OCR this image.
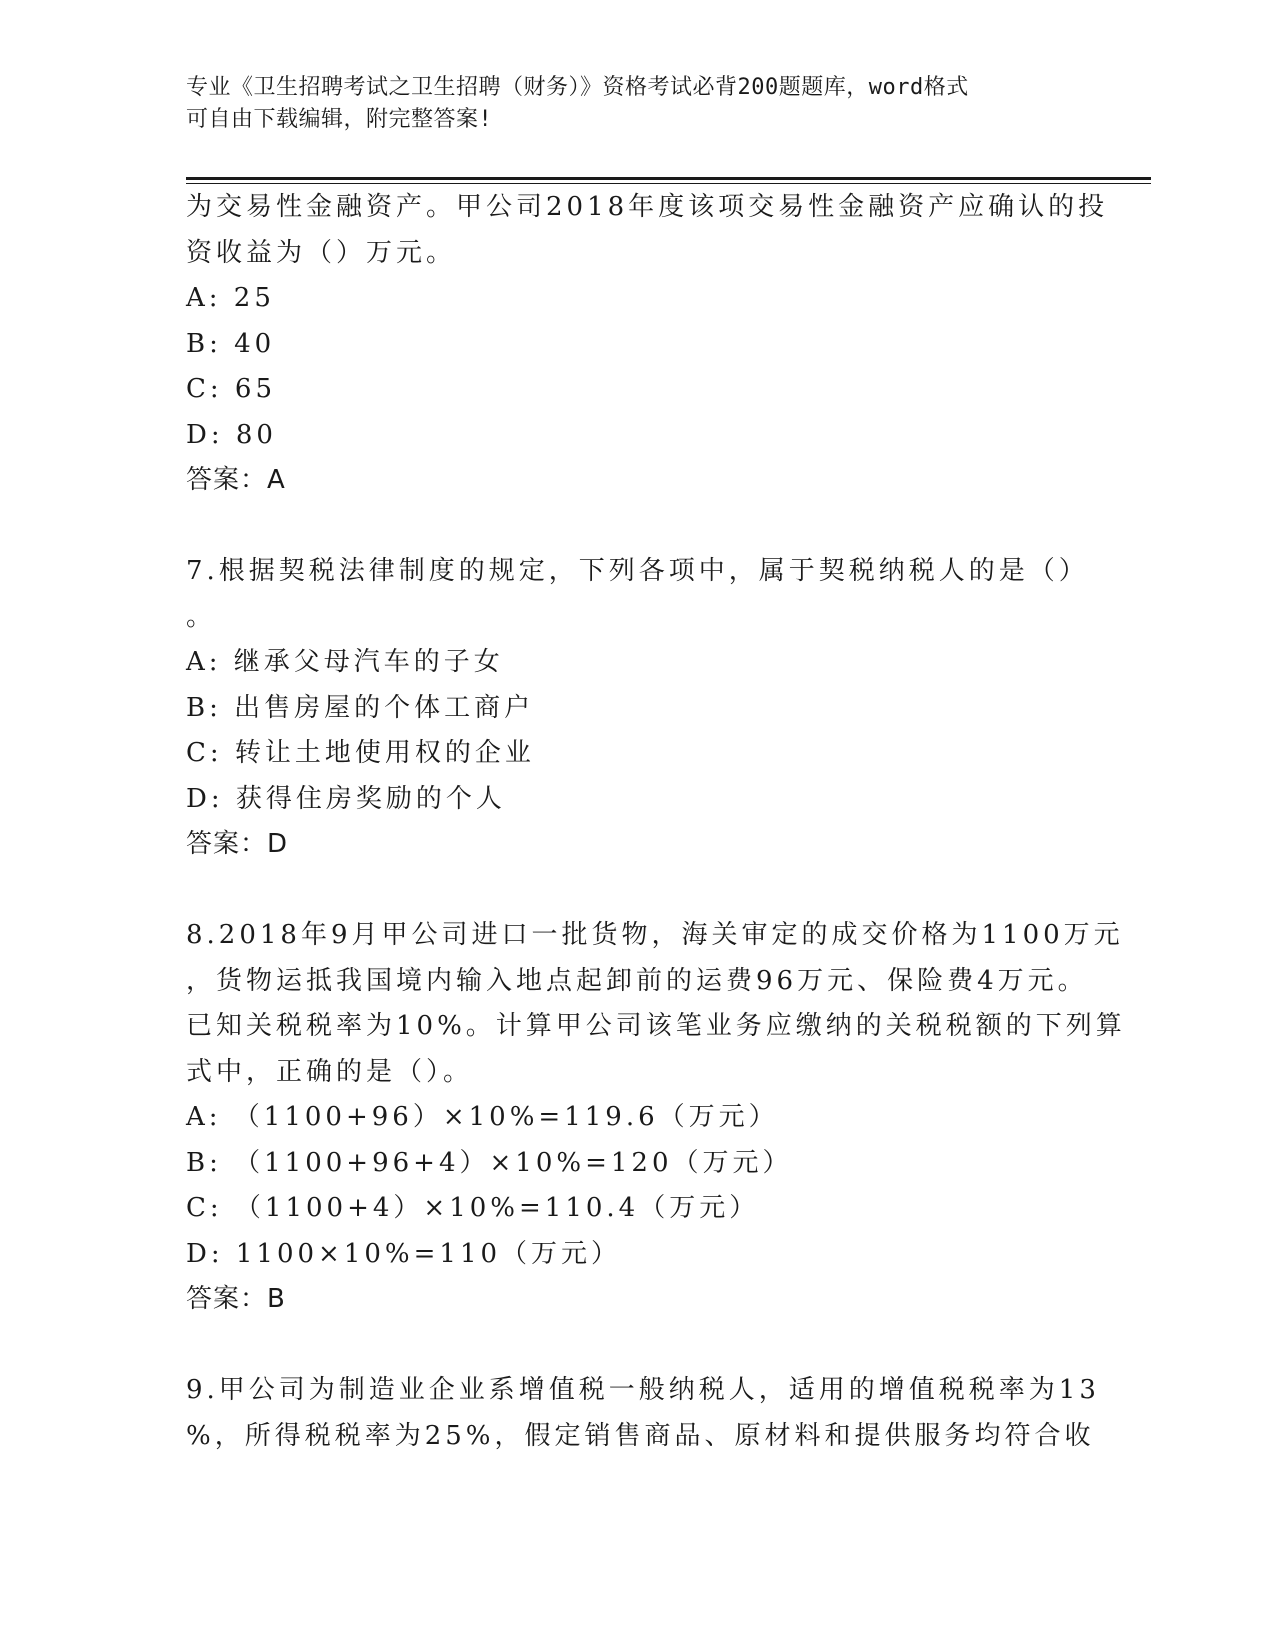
专业《卫生招聘考试之卫生招聘（财务）》资格考试必背200题题库，word格式
可自由下载编辑，附完整答案!
为交易性金融资产。甲公司2018年度该项交易性金融资产应确认的投
资收益为（）万元。
A: 25
B: 40
C: 65
D: 80
答案：A
7.根据契税法律制度的规定，下列各项中，属于契税纳税人的是（）
。
A: 继承父母汽车的子女
B: 出售房屋的个体工商户
C: 转让土地使用权的企业
D: 获得住房奖励的个人
答案：D
8.2018年9月甲公司进口一批货物，海关审定的成交价格为1100万元
，货物运抵我国境内输入地点起卸前的运费96万元、保险费4万元。
已知关税税率为10%。计算甲公司该笔业务应缴纳的关税税额的下列算
式中，正确的是（）。
A: （1100+96）×10%=119.6（万元）
B: （1100+96+4）×10%=120（万元）
C: （1100+4）×10%=110.4（万元）
D: 1100×10%=110（万元）
答案：B
9.甲公司为制造业企业系增值税一般纳税人，适用的增值税税率为13
%，所得税税率为25%，假定销售商品、原材料和提供服务均符合收
